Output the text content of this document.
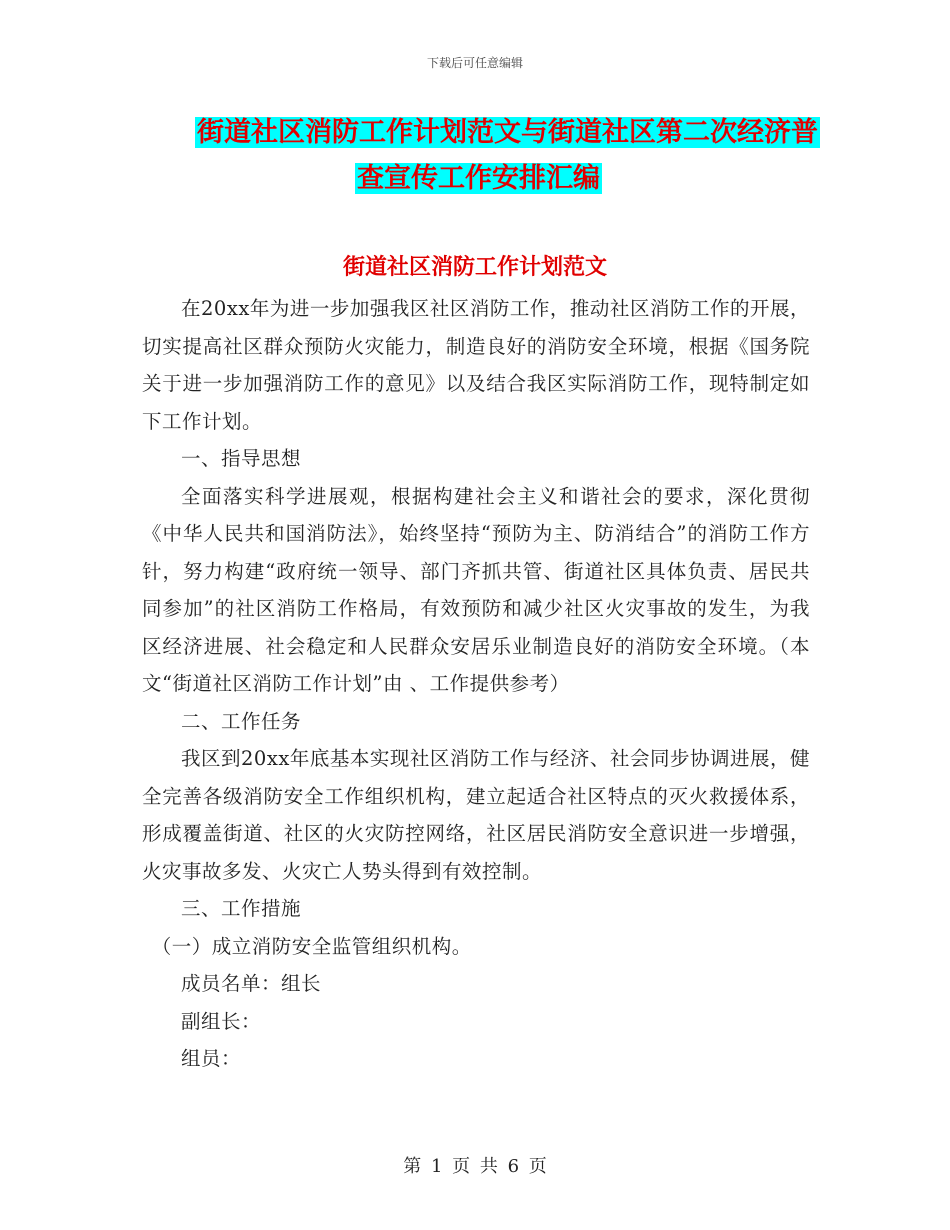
下载后可任意编辑
街道社区消防工作计划范文与街道社区第二次经济普
查宣传工作安排汇编
街道社区消防工作计划范文

在20xx年为进一步加强我区社区消防工作，推动社区消防工作的开展，切实提高社区群众预防火灾能力，制造良好的消防安全环境，根据《国务院关于进一步加强消防工作的意见》以及结合我区实际消防工作，现特制定如下工作计划。

一、指导思想

全面落实科学进展观，根据构建社会主义和谐社会的要求，深化贯彻《中华人民共和国消防法》，始终坚持“预防为主、防消结合”的消防工作方针，努力构建“政府统一领导、部门齐抓共管、街道社区具体负责、居民共同参加”的社区消防工作格局，有效预防和减少社区火灾事故的发生，为我区经济进展、社会稳定和人民群众安居乐业制造良好的消防安全环境。（本文“街道社区消防工作计划”由 、工作提供参考）

二、工作任务

我区到20xx年底基本实现社区消防工作与经济、社会同步协调进展，健全完善各级消防安全工作组织机构，建立起适合社区特点的灭火救援体系，形成覆盖街道、社区的火灾防控网络，社区居民消防安全意识进一步增强，火灾事故多发、火灾亡人势头得到有效控制。

三、工作措施

（一）成立消防安全监管组织机构。

成员名单：组长

副组长：

组员：

第 1 页 共 6 页
